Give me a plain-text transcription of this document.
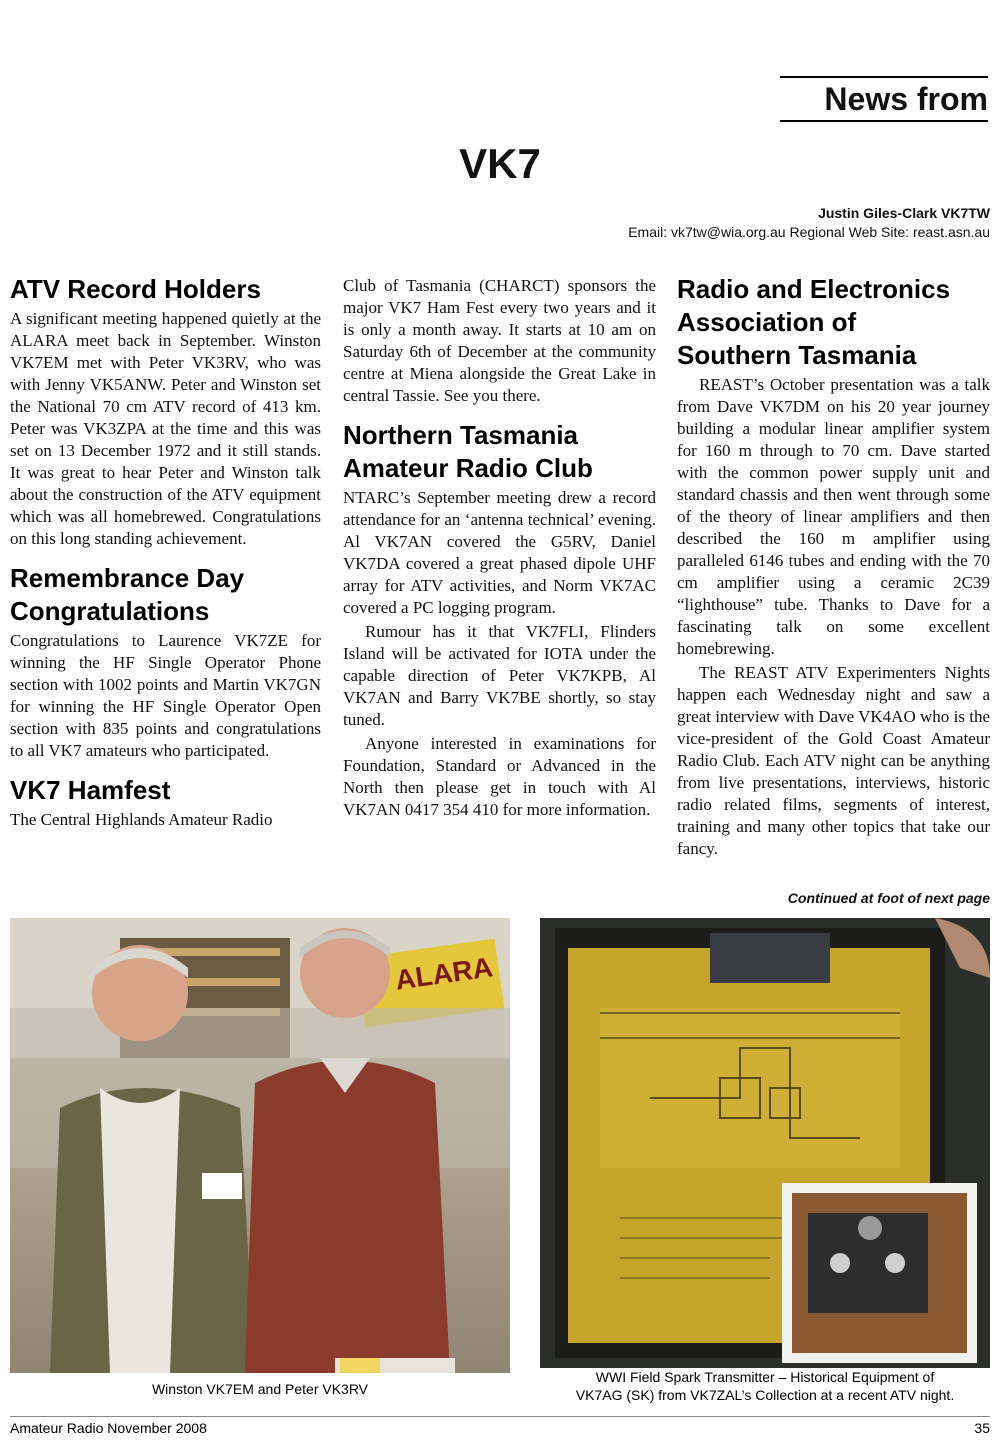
News from
VK7
Justin Giles-Clark VK7TW
Email: vk7tw@wia.org.au Regional Web Site: reast.asn.au
ATV Record Holders

A significant meeting happened quietly at the ALARA meet back in September. Winston VK7EM met with Peter VK3RV, who was with Jenny VK5ANW. Peter and Winston set the National 70 cm ATV record of 413 km. Peter was VK3ZPA at the time and this was set on 13 December 1972 and it still stands. It was great to hear Peter and Winston talk about the construction of the ATV equipment which was all homebrewed. Congratulations on this long standing achievement.

Remembrance Day
Congratulations

Congratulations to Laurence VK7ZE for winning the HF Single Operator Phone section with 1002 points and Martin VK7GN for winning the HF Single Operator Open section with 835 points and congratulations to all VK7 amateurs who participated.

VK7 Hamfest

The Central Highlands Amateur Radio

Club of Tasmania (CHARCT) sponsors the major VK7 Ham Fest every two years and it is only a month away. It starts at 10 am on Saturday 6th of December at the community centre at Miena alongside the Great Lake in central Tassie. See you there.

Northern Tasmania
Amateur Radio Club

NTARC’s September meeting drew a record attendance for an ‘antenna technical’ evening. Al VK7AN covered the G5RV, Daniel VK7DA covered a great phased dipole UHF array for ATV activities, and Norm VK7AC covered a PC logging program.

Rumour has it that VK7FLI, Flinders Island will be activated for IOTA under the capable direction of Peter VK7KPB, Al VK7AN and Barry VK7BE shortly, so stay tuned.

Anyone interested in examinations for Foundation, Standard or Advanced in the North then please get in touch with Al VK7AN 0417 354 410 for more information.

Radio and Electronics
Association of
Southern Tasmania

REAST’s October presentation was a talk from Dave VK7DM on his 20 year journey building a modular linear amplifier system for 160 m through to 70 cm. Dave started with the common power supply unit and standard chassis and then went through some of the theory of linear amplifiers and then described the 160 m amplifier using paralleled 6146 tubes and ending with the 70 cm amplifier using a ceramic 2C39 “lighthouse” tube. Thanks to Dave for a fascinating talk on some excellent homebrewing.

The REAST ATV Experimenters Nights happen each Wednesday night and saw a great interview with Dave VK4AO who is the vice-president of the Gold Coast Amateur Radio Club. Each ATV night can be anything from live presentations, interviews, historic radio related films, segments of interest, training and many other topics that take our fancy.

Continued at foot of next page
ALARA
Winston VK7EM and Peter VK3RV
WWI Field Spark Transmitter – Historical Equipment of
VK7AG (SK) from VK7ZAL’s Collection at a recent ATV night.
Amateur Radio November 2008	35
